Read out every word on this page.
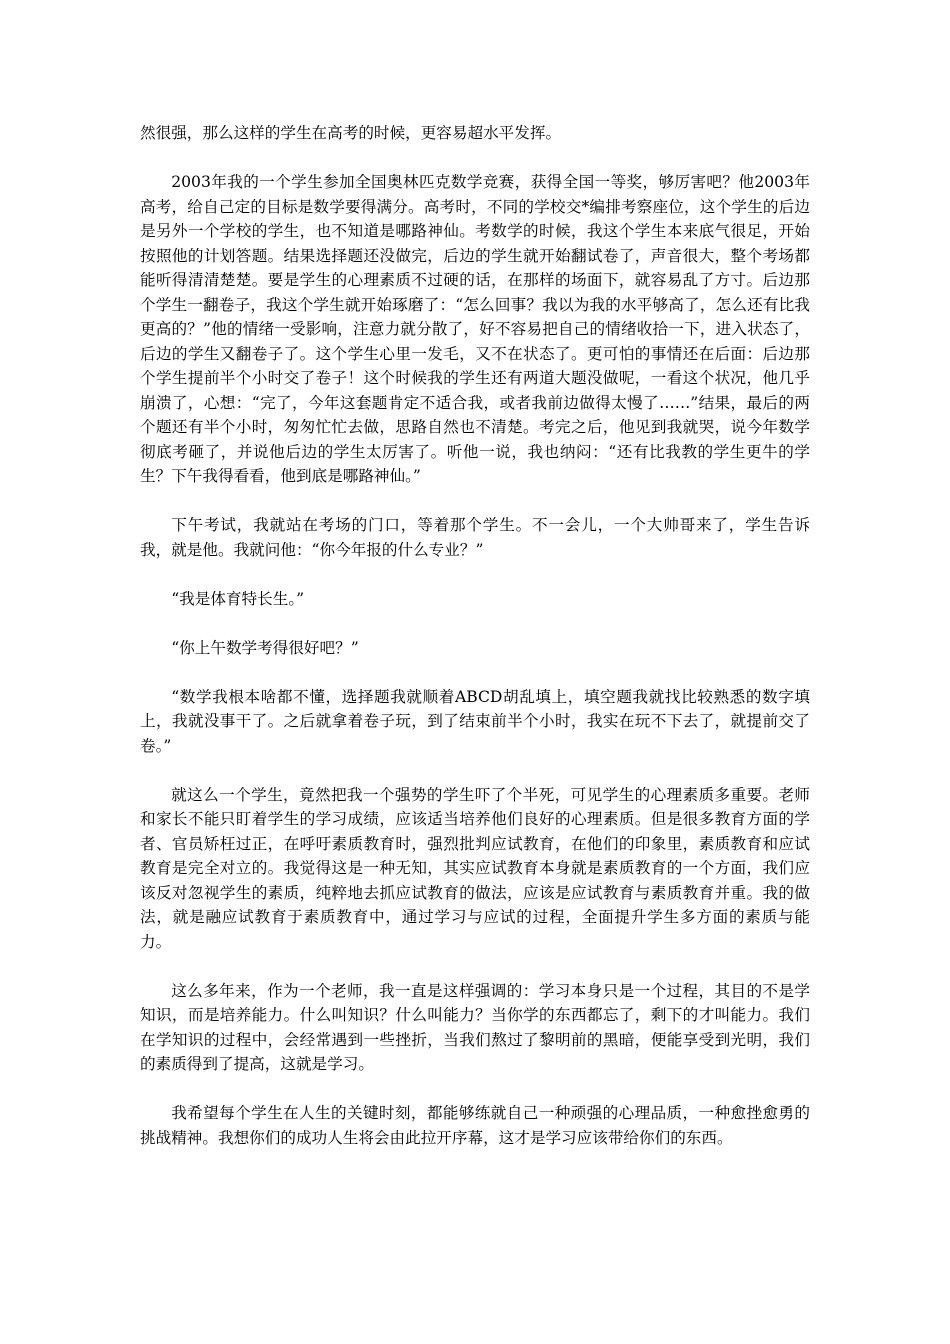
然很强，那么这样的学生在高考的时候，更容易超水平发挥。

2003年我的一个学生参加全国奥林匹克数学竞赛，获得全国一等奖，够厉害吧？他2003年高考，给自己定的目标是数学要得满分。高考时，不同的学校交*编排考察座位，这个学生的后边是另外一个学校的学生，也不知道是哪路神仙。考数学的时候，我这个学生本来底气很足，开始按照他的计划答题。结果选择题还没做完，后边的学生就开始翻试卷了，声音很大，整个考场都能听得清清楚楚。要是学生的心理素质不过硬的话，在那样的场面下，就容易乱了方寸。后边那个学生一翻卷子，我这个学生就开始琢磨了：“怎么回事？我以为我的水平够高了，怎么还有比我更高的？”他的情绪一受影响，注意力就分散了，好不容易把自己的情绪收拾一下，进入状态了，后边的学生又翻卷子了。这个学生心里一发毛，又不在状态了。更可怕的事情还在后面：后边那个学生提前半个小时交了卷子！这个时候我的学生还有两道大题没做呢，一看这个状况，他几乎崩溃了，心想：“完了，今年这套题肯定不适合我，或者我前边做得太慢了……”结果，最后的两个题还有半个小时，匆匆忙忙去做，思路自然也不清楚。考完之后，他见到我就哭，说今年数学彻底考砸了，并说他后边的学生太厉害了。听他一说，我也纳闷：“还有比我教的学生更牛的学生？下午我得看看，他到底是哪路神仙。”

下午考试，我就站在考场的门口，等着那个学生。不一会儿，一个大帅哥来了，学生告诉我，就是他。我就问他：“你今年报的什么专业？”

“我是体育特长生。”

“你上午数学考得很好吧？”

“数学我根本啥都不懂，选择题我就顺着ABCD胡乱填上，填空题我就找比较熟悉的数字填上，我就没事干了。之后就拿着卷子玩，到了结束前半个小时，我实在玩不下去了，就提前交了卷。”

就这么一个学生，竟然把我一个强势的学生吓了个半死，可见学生的心理素质多重要。老师和家长不能只盯着学生的学习成绩，应该适当培养他们良好的心理素质。但是很多教育方面的学者、官员矫枉过正，在呼吁素质教育时，强烈批判应试教育，在他们的印象里，素质教育和应试教育是完全对立的。我觉得这是一种无知，其实应试教育本身就是素质教育的一个方面，我们应该反对忽视学生的素质，纯粹地去抓应试教育的做法，应该是应试教育与素质教育并重。我的做法，就是融应试教育于素质教育中，通过学习与应试的过程，全面提升学生多方面的素质与能力。

这么多年来，作为一个老师，我一直是这样强调的：学习本身只是一个过程，其目的不是学知识，而是培养能力。什么叫知识？什么叫能力？当你学的东西都忘了，剩下的才叫能力。我们在学知识的过程中，会经常遇到一些挫折，当我们熬过了黎明前的黑暗，便能享受到光明，我们的素质得到了提高，这就是学习。

我希望每个学生在人生的关键时刻，都能够练就自己一种顽强的心理品质，一种愈挫愈勇的挑战精神。我想你们的成功人生将会由此拉开序幕，这才是学习应该带给你们的东西。
